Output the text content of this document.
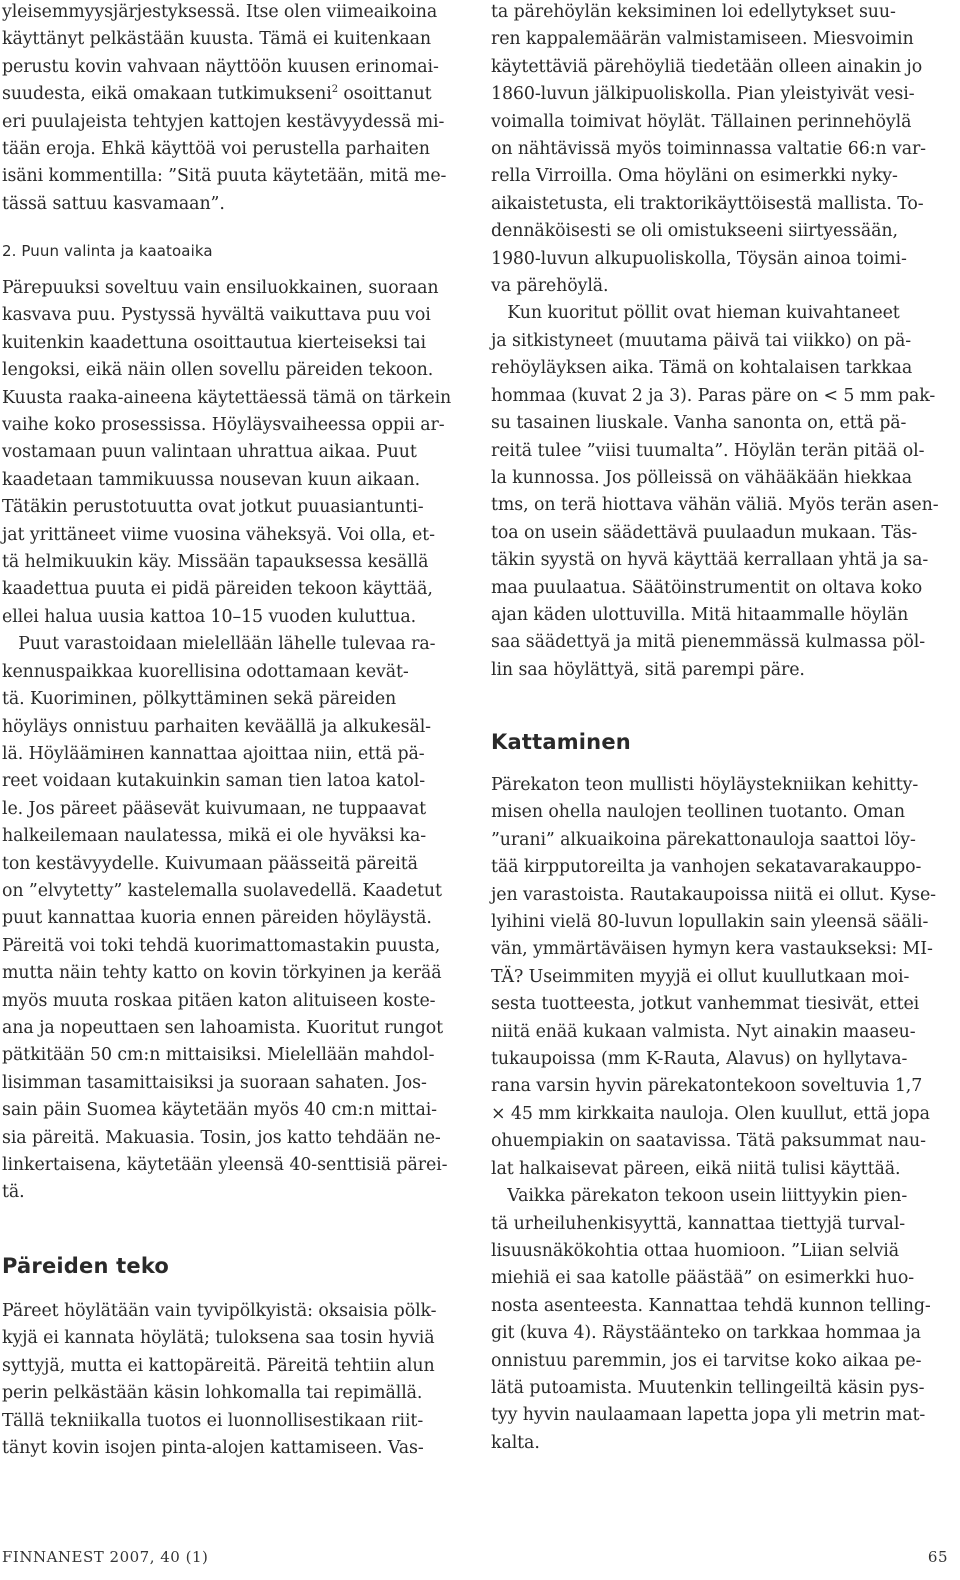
yleisemmyysjärjestyksessä. Itse olen viimeaikoina
käyttänyt pelkästään kuusta. Tämä ei kuitenkaan
perustu kovin vahvaan näyttöön kuusen erinomai-
suudesta, eikä omakaan tutkimukseni$^2$ osoittanut
eri puulajeista tehtyjen kattojen kestävyydessä mi-
tään eroja. Ehkä käyttöä voi perustella parhaiten
isäni kommentilla: ”Sitä puuta käytetään, mitä me-
tässä sattuu kasvamaan”.
2. Puun valinta ja kaatoaika
Pärepuuksi soveltuu vain ensiluokkainen, suoraan
kasvava puu. Pystyssä hyvältä vaikuttava puu voi
kuitenkin kaadettuna osoittautua kierteiseksi tai
lengoksi, eikä näin ollen sovellu päreiden tekoon.
Kuusta raaka-aineena käytettäessä tämä on tärkein
vaihe koko prosessissa. Höyläysvaiheessa oppii ar-
vostamaan puun valintaan uhrattua aikaa. Puut
kaadetaan tammikuussa nousevan kuun aikaan.
Tätäkin perustotuutta ovat jotkut puuasiantunti-
jat yrittäneet viime vuosina väheksyä. Voi olla, et-
tä helmikuukin käy. Missään tapauksessa kesällä
kaadettua puuta ei pidä päreiden tekoon käyttää,
ellei halua uusia kattoa 10–15 vuoden kuluttua.
Puut varastoidaan mielellään lähelle tulevaa ra-
kennuspaikkaa kuorellisina odottamaan kevät-
tä. Kuoriminen, pölkyttäminen sekä päreiden
höyläys onnistuu parhaiten keväällä ja alkukesäl-
lä. Höyläämінen kannattaa ajoittaa niin, että pä-
reet voidaan kutakuinkin saman tien latoa katol-
le. Jos päreet pääsevät kuivumaan, ne tuppaavat
halkeilemaan naulatessa, mikä ei ole hyväksi ka-
ton kestävyydelle. Kuivumaan päässeitä päreitä
on ”elvytetty” kastelemalla suolavedellä. Kaadetut
puut kannattaa kuoria ennen päreiden höyläystä.
Päreitä voi toki tehdä kuorimattomastakin puusta,
mutta näin tehty katto on kovin törkyinen ja kerää
myös muuta roskaa pitäen katon alituiseen koste-
ana ja nopeuttaen sen lahoamista. Kuoritut rungot
pätkitään 50 cm:n mittaisiksi. Mielellään mahdol-
lisimman tasamittaisiksi ja suoraan sahaten. Jos-
sain päin Suomea käytetään myös 40 cm:n mittai-
sia päreitä. Makuasia. Tosin, jos katto tehdään ne-
linkertaisena, käytetään yleensä 40-senttisiä pärei-
tä.
Päreiden teko
Päreet höylätään vain tyvipölkyistä: oksaisia pölk-
kyjä ei kannata höylätä; tuloksena saa tosin hyviä
syttyjä, mutta ei kattopäreitä. Päreitä tehtiin alun
perin pelkästään käsin lohkomalla tai repimällä.
Tällä tekniikalla tuotos ei luonnollisestikaan riit-
tänyt kovin isojen pinta-alojen kattamiseen. Vas-
ta pärehöylän keksiminen loi edellytykset suu-
ren kappalemäärän valmistamiseen. Miesvoimin
käytettäviä pärehöyliä tiedetään olleen ainakin jo
1860-luvun jälkipuoliskolla. Pian yleistyivät vesi-
voimalla toimivat höylät. Tällainen perinnehöylä
on nähtävissä myös toiminnassa valtatie 66:n var-
rella Virroilla. Oma höyläni on esimerkki nyky-
aikaistetusta, eli traktorikäyttöisestä mallista. To-
dennäköisesti se oli omistukseeni siirtyessään,
1980-luvun alkupuoliskolla, Töysän ainoa toimi-
va pärehöylä.
Kun kuoritut pöllit ovat hieman kuivahtaneet
ja sitkistyneet (muutama päivä tai viikko) on pä-
rehöyläyksen aika. Tämä on kohtalaisen tarkkaa
hommaa (kuvat 2 ja 3). Paras päre on < 5 mm pak-
su tasainen liuskale. Vanha sanonta on, että pä-
reitä tulee ”viisi tuumalta”. Höylän terän pitää ol-
la kunnossa. Jos pölleissä on vähääkään hiekkaa
tms, on terä hiottava vähän väliä. Myös terän asen-
toa on usein säädettävä puulaadun mukaan. Täs-
täkin syystä on hyvä käyttää kerrallaan yhtä ja sa-
maa puulaatua. Säätöinstrumentit on oltava koko
ajan käden ulottuvilla. Mitä hitaammalle höylän
saa säädettyä ja mitä pienemmässä kulmassa pöl-
lin saa höylättyä, sitä parempi päre.
Kattaminen
Pärekaton teon mullisti höyläystekniikan kehitty-
misen ohella naulojen teollinen tuotanto. Oman
”urani” alkuaikoina pärekattonauloja saattoi löy-
tää kirpputoreilta ja vanhojen sekatavarakauppo-
jen varastoista. Rautakaupoissa niitä ei ollut. Kyse-
lyihini vielä 80-luvun lopullakin sain yleensä sääli-
vän, ymmärtäväisen hymyn kera vastaukseksi: MI-
TÄ? Useimmiten myyjä ei ollut kuullutkaan moi-
sesta tuotteesta, jotkut vanhemmat tiesivät, ettei
niitä enää kukaan valmista. Nyt ainakin maaseu-
tukaupoissa (mm K-Rauta, Alavus) on hyllytava-
rana varsin hyvin pärekatontekoon soveltuvia 1,7
× 45 mm kirkkaita nauloja. Olen kuullut, että jopa
ohuempiakin on saatavissa. Tätä paksummat nau-
lat halkaisevat päreen, eikä niitä tulisi käyttää.
Vaikka pärekaton tekoon usein liittyykin pien-
tä urheiluhenkisyyttä, kannattaa tiettyjä turval-
lisuusnäkökohtia ottaa huomioon. ”Liian selviä
miehiä ei saa katolle päästää” on esimerkki huo-
nosta asenteesta. Kannattaa tehdä kunnon telling-
git (kuva 4). Räystäänteko on tarkkaa hommaa ja
onnistuu paremmin, jos ei tarvitse koko aikaa pe-
lätä putoamista. Muutenkin tellingeiltä käsin pys-
tyy hyvin naulaamaan lapetta jopa yli metrin mat-
kalta.
FINNANEST 2007, 40 (1)	65
